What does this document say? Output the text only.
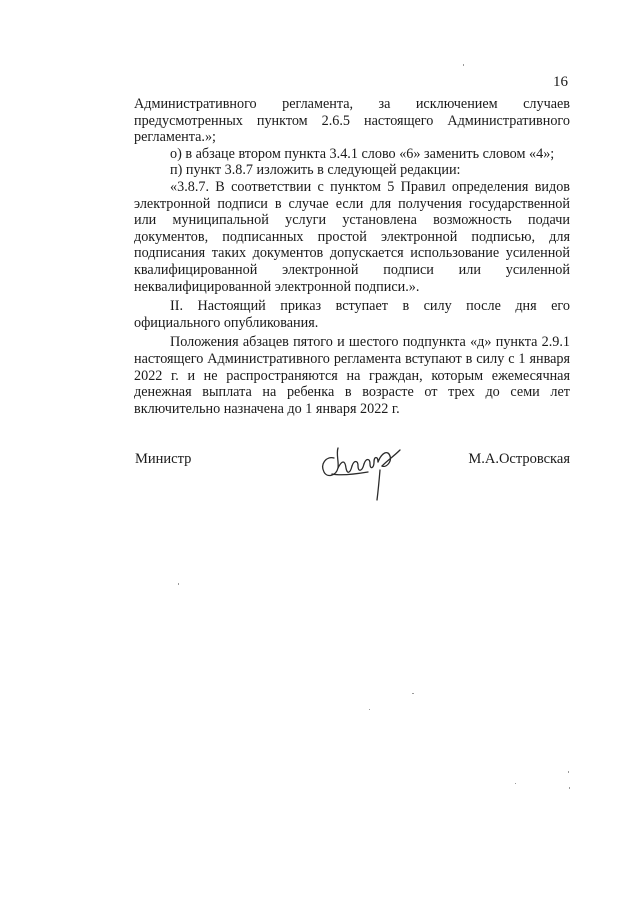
16

Административного регламента, за исключением случаев предусмотренных пунктом 2.6.5 настоящего Административного регламента.»;

о) в абзаце втором пункта 3.4.1 слово «6» заменить словом «4»;

п) пункт 3.8.7 изложить в следующей редакции:

«3.8.7. В соответствии с пунктом 5 Правил определения видов электронной подписи в случае если для получения государственной или муниципальной услуги установлена возможность подачи документов, подписанных простой электронной подписью, для подписания таких документов допускается использование усиленной квалифицированной электронной подписи или усиленной неквалифицированной электронной подписи.».

II. Настоящий приказ вступает в силу после дня его официального опубликования.

Положения абзацев пятого и шестого подпункта «д» пункта 2.9.1 настоящего Административного регламента вступают в силу с 1 января 2022 г. и не распространяются на граждан, которым ежемесячная денежная выплата на ребенка в возрасте от трех до семи лет включительно назначена до 1 января 2022 г.

Министр	М.А.Островская
